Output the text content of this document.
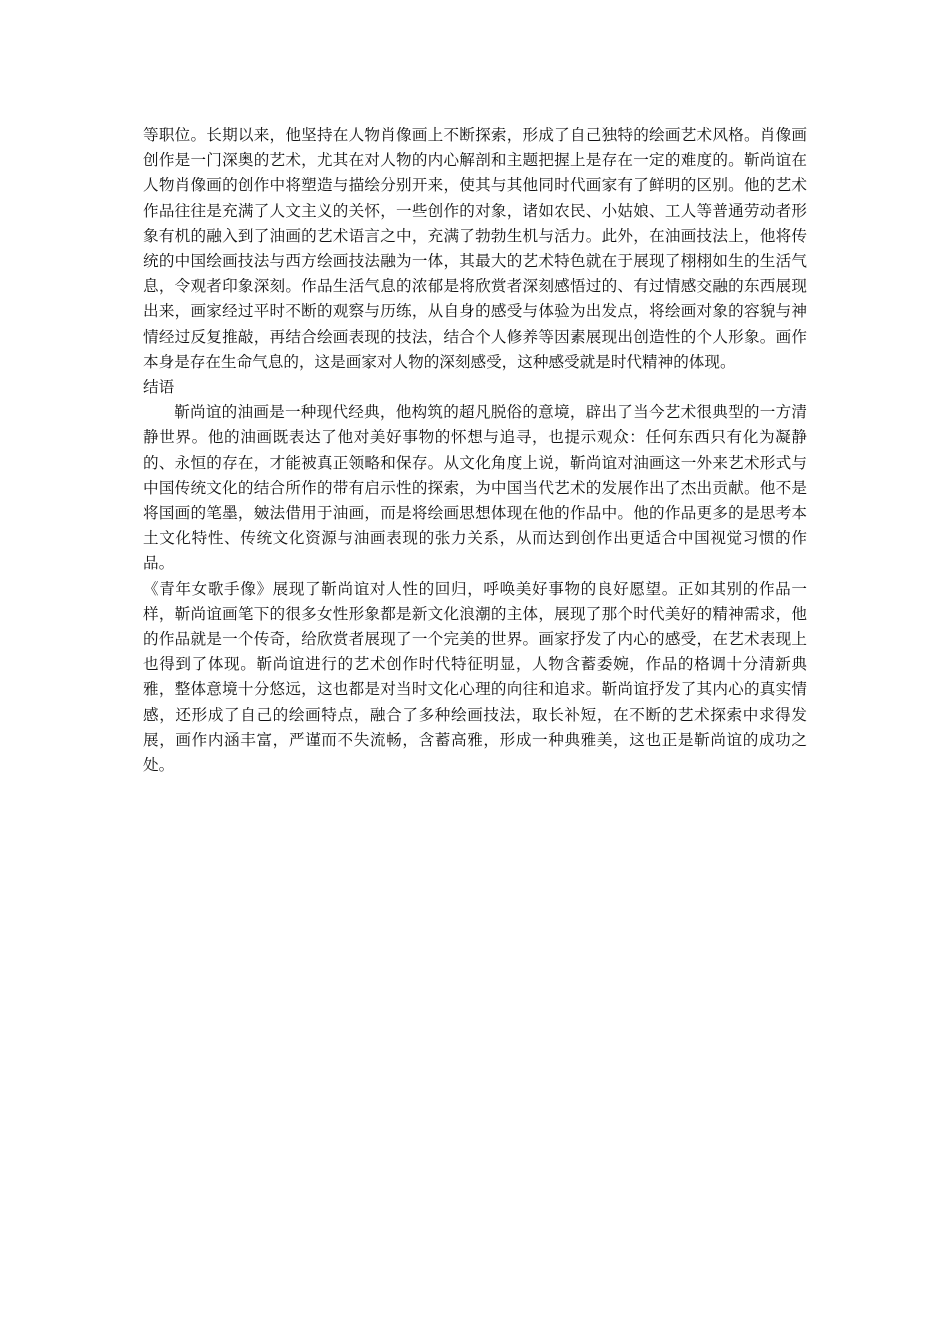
等职位。长期以来，他坚持在人物肖像画上不断探索，形成了自己独特的绘画艺术风格。肖像画创作是一门深奥的艺术，尤其在对人物的内心解剖和主题把握上是存在一定的难度的。靳尚谊在人物肖像画的创作中将塑造与描绘分别开来，使其与其他同时代画家有了鲜明的区别。他的艺术作品往往是充满了人文主义的关怀，一些创作的对象，诸如农民、小姑娘、工人等普通劳动者形象有机的融入到了油画的艺术语言之中，充满了勃勃生机与活力。此外，在油画技法上，他将传统的中国绘画技法与西方绘画技法融为一体，其最大的艺术特色就在于展现了栩栩如生的生活气息，令观者印象深刻。作品生活气息的浓郁是将欣赏者深刻感悟过的、有过情感交融的东西展现出来，画家经过平时不断的观察与历练，从自身的感受与体验为出发点，将绘画对象的容貌与神情经过反复推敲，再结合绘画表现的技法，结合个人修养等因素展现出创造性的个人形象。画作本身是存在生命气息的，这是画家对人物的深刻感受，这种感受就是时代精神的体现。

结语

靳尚谊的油画是一种现代经典，他构筑的超凡脱俗的意境，辟出了当今艺术很典型的一方清静世界。他的油画既表达了他对美好事物的怀想与追寻，也提示观众：任何东西只有化为凝静的、永恒的存在，才能被真正领略和保存。从文化角度上说，靳尚谊对油画这一外来艺术形式与中国传统文化的结合所作的带有启示性的探索，为中国当代艺术的发展作出了杰出贡献。他不是将国画的笔墨，皴法借用于油画，而是将绘画思想体现在他的作品中。他的作品更多的是思考本土文化特性、传统文化资源与油画表现的张力关系，从而达到创作出更适合中国视觉习惯的作品。

《青年女歌手像》展现了靳尚谊对人性的回归，呼唤美好事物的良好愿望。正如其别的作品一样，靳尚谊画笔下的很多女性形象都是新文化浪潮的主体，展现了那个时代美好的精神需求，他的作品就是一个传奇，给欣赏者展现了一个完美的世界。画家抒发了内心的感受，在艺术表现上也得到了体现。靳尚谊进行的艺术创作时代特征明显，人物含蓄委婉，作品的格调十分清新典雅，整体意境十分悠远，这也都是对当时文化心理的向往和追求。靳尚谊抒发了其内心的真实情感，还形成了自己的绘画特点，融合了多种绘画技法，取长补短，在不断的艺术探索中求得发展，画作内涵丰富，严谨而不失流畅，含蓄高雅，形成一种典雅美，这也正是靳尚谊的成功之处。
